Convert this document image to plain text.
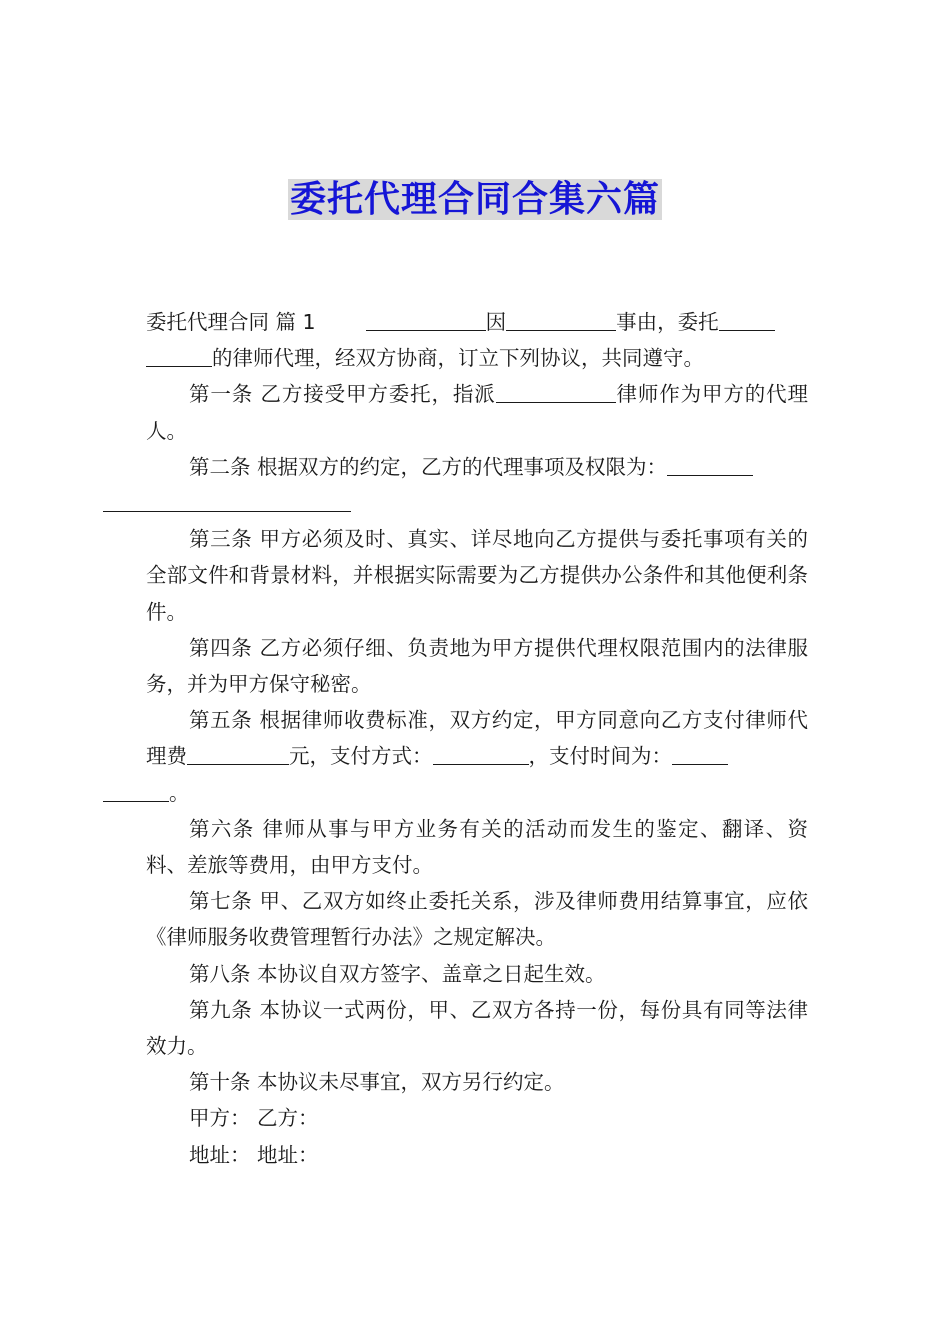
委托代理合同合集六篇

委托代理合同 篇 1	因	事由，委托
的律师代理，经双方协商，订立下列协议，共同遵守。

第一条 乙方接受甲方委托，指派	律师作为甲方的代理人。

第二条 根据双方的约定，乙方的代理事项及权限为：

第三条 甲方必须及时、真实、详尽地向乙方提供与委托事项有关的全部文件和背景材料，并根据实际需要为乙方提供办公条件和其他便利条件。

第四条 乙方必须仔细、负责地为甲方提供代理权限范围内的法律服务，并为甲方保守秘密。

第五条 根据律师收费标准，双方约定，甲方同意向乙方支付律师代理费	元，支付方式：	，支付时间为：
。

第六条 律师从事与甲方业务有关的活动而发生的鉴定、翻译、资料、差旅等费用，由甲方支付。

第七条 甲、乙双方如终止委托关系，涉及律师费用结算事宜，应依《律师服务收费管理暂行办法》之规定解决。

第八条 本协议自双方签字、盖章之日起生效。

第九条 本协议一式两份，甲、乙双方各持一份，每份具有同等法律效力。

第十条 本协议未尽事宜，双方另行约定。

甲方： 乙方：

地址： 地址：
